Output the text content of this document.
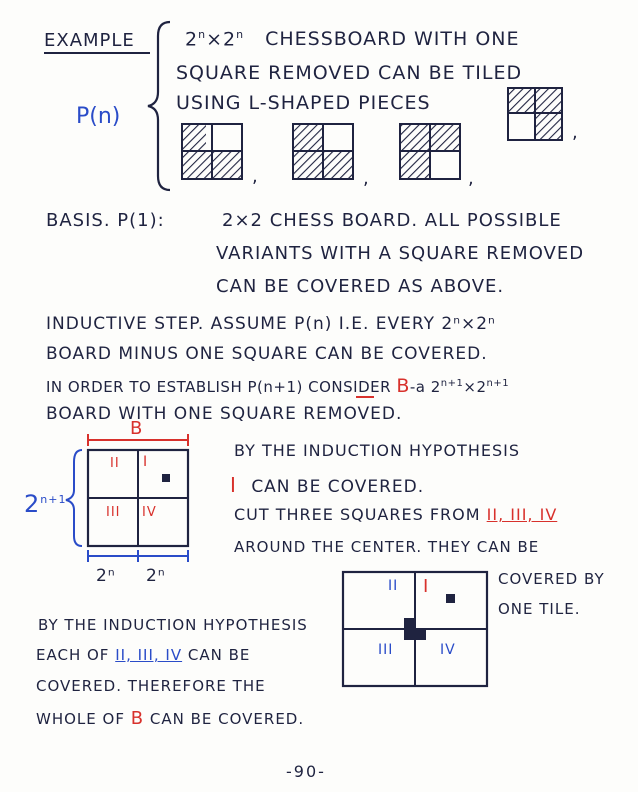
,	,	,
,
EXAMPLE
P(n)
$2^n\times 2^n$ CHESSBOARD WITH ONE
SQUARE REMOVED CAN BE TILED
USING L-SHAPED PIECES
BASIS. P(1):	2×2 CHESS BOARD. ALL POSSIBLE
VARIANTS WITH A SQUARE REMOVED
CAN BE COVERED AS ABOVE.
INDUCTIVE STEP. ASSUME P(n) I.E. EVERY 2ⁿ×2ⁿ
BOARD MINUS ONE SQUARE CAN BE COVERED.
IN ORDER TO ESTABLISH P(n+1) CONSIDER B-a $2^{n+1}\times 2^{n+1}$
BOARD WITH ONE SQUARE REMOVED.
B
$2^{n+1}$
I
II
III IV
2ⁿ 2ⁿ
BY THE INDUCTION HYPOTHESIS
I CAN BE COVERED.
CUT THREE SQUARES FROM II, III, IV
AROUND THE CENTER. THEY CAN BE
COVERED BY
ONE TILE.
I
II
III	IV
BY THE INDUCTION HYPOTHESIS
EACH OF II, III, IV CAN BE
COVERED. THEREFORE THE
WHOLE OF B CAN BE COVERED.
-90-
